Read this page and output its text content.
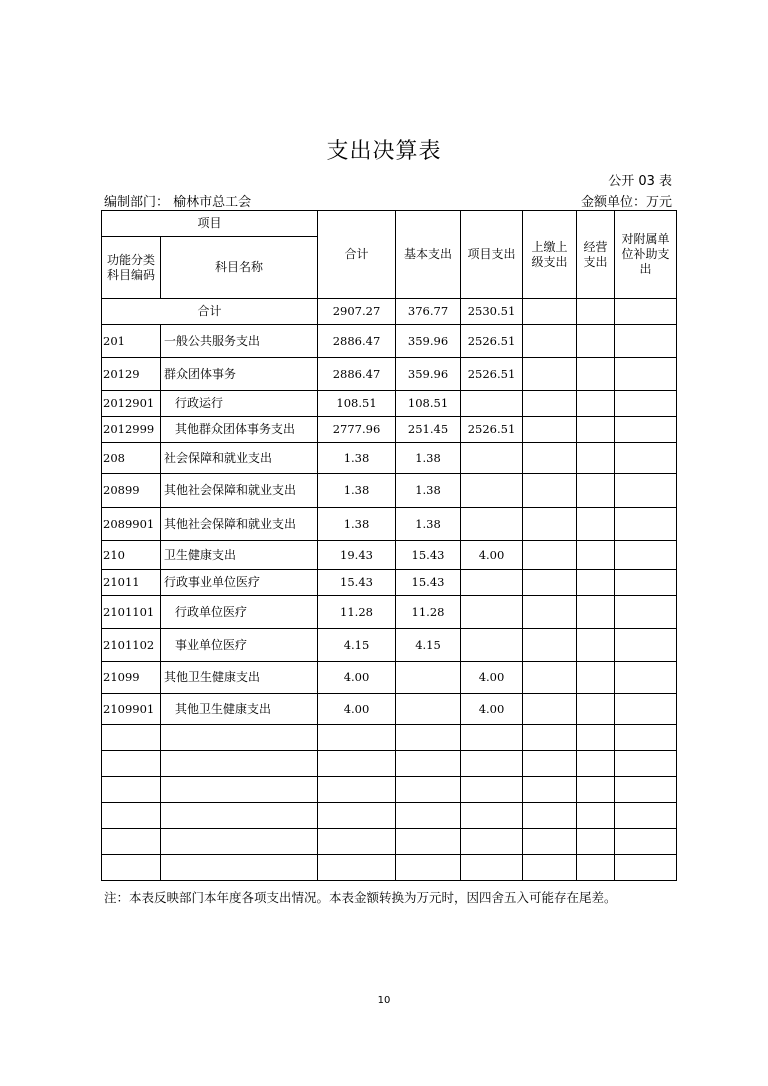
支出决算表
公开 03 表
编制部门： 榆林市总工会	金额单位：万元
项目		合计	基本支出	项目支出	上缴上级支出	经营支出	对附属单位补助支出
功能分类科目编码	科目名称						
合计		2907.27	376.77	2530.51			
201	一般公共服务支出	2886.47	359.96	2526.51			
20129	群众团体事务	2886.47	359.96	2526.51			
2012901	行政运行	108.51	108.51				
2012999	其他群众团体事务支出	2777.96	251.45	2526.51			
208	社会保障和就业支出	1.38	1.38				
20899	其他社会保障和就业支出	1.38	1.38				
2089901	其他社会保障和就业支出	1.38	1.38				
210	卫生健康支出	19.43	15.43	4.00			
21011	行政事业单位医疗	15.43	15.43				
2101101	行政单位医疗	11.28	11.28				
2101102	事业单位医疗	4.15	4.15				
21099	其他卫生健康支出	4.00		4.00			
2109901	其他卫生健康支出	4.00		4.00			

注：本表反映部门本年度各项支出情况。本表金额转换为万元时，因四舍五入可能存在尾差。
10
